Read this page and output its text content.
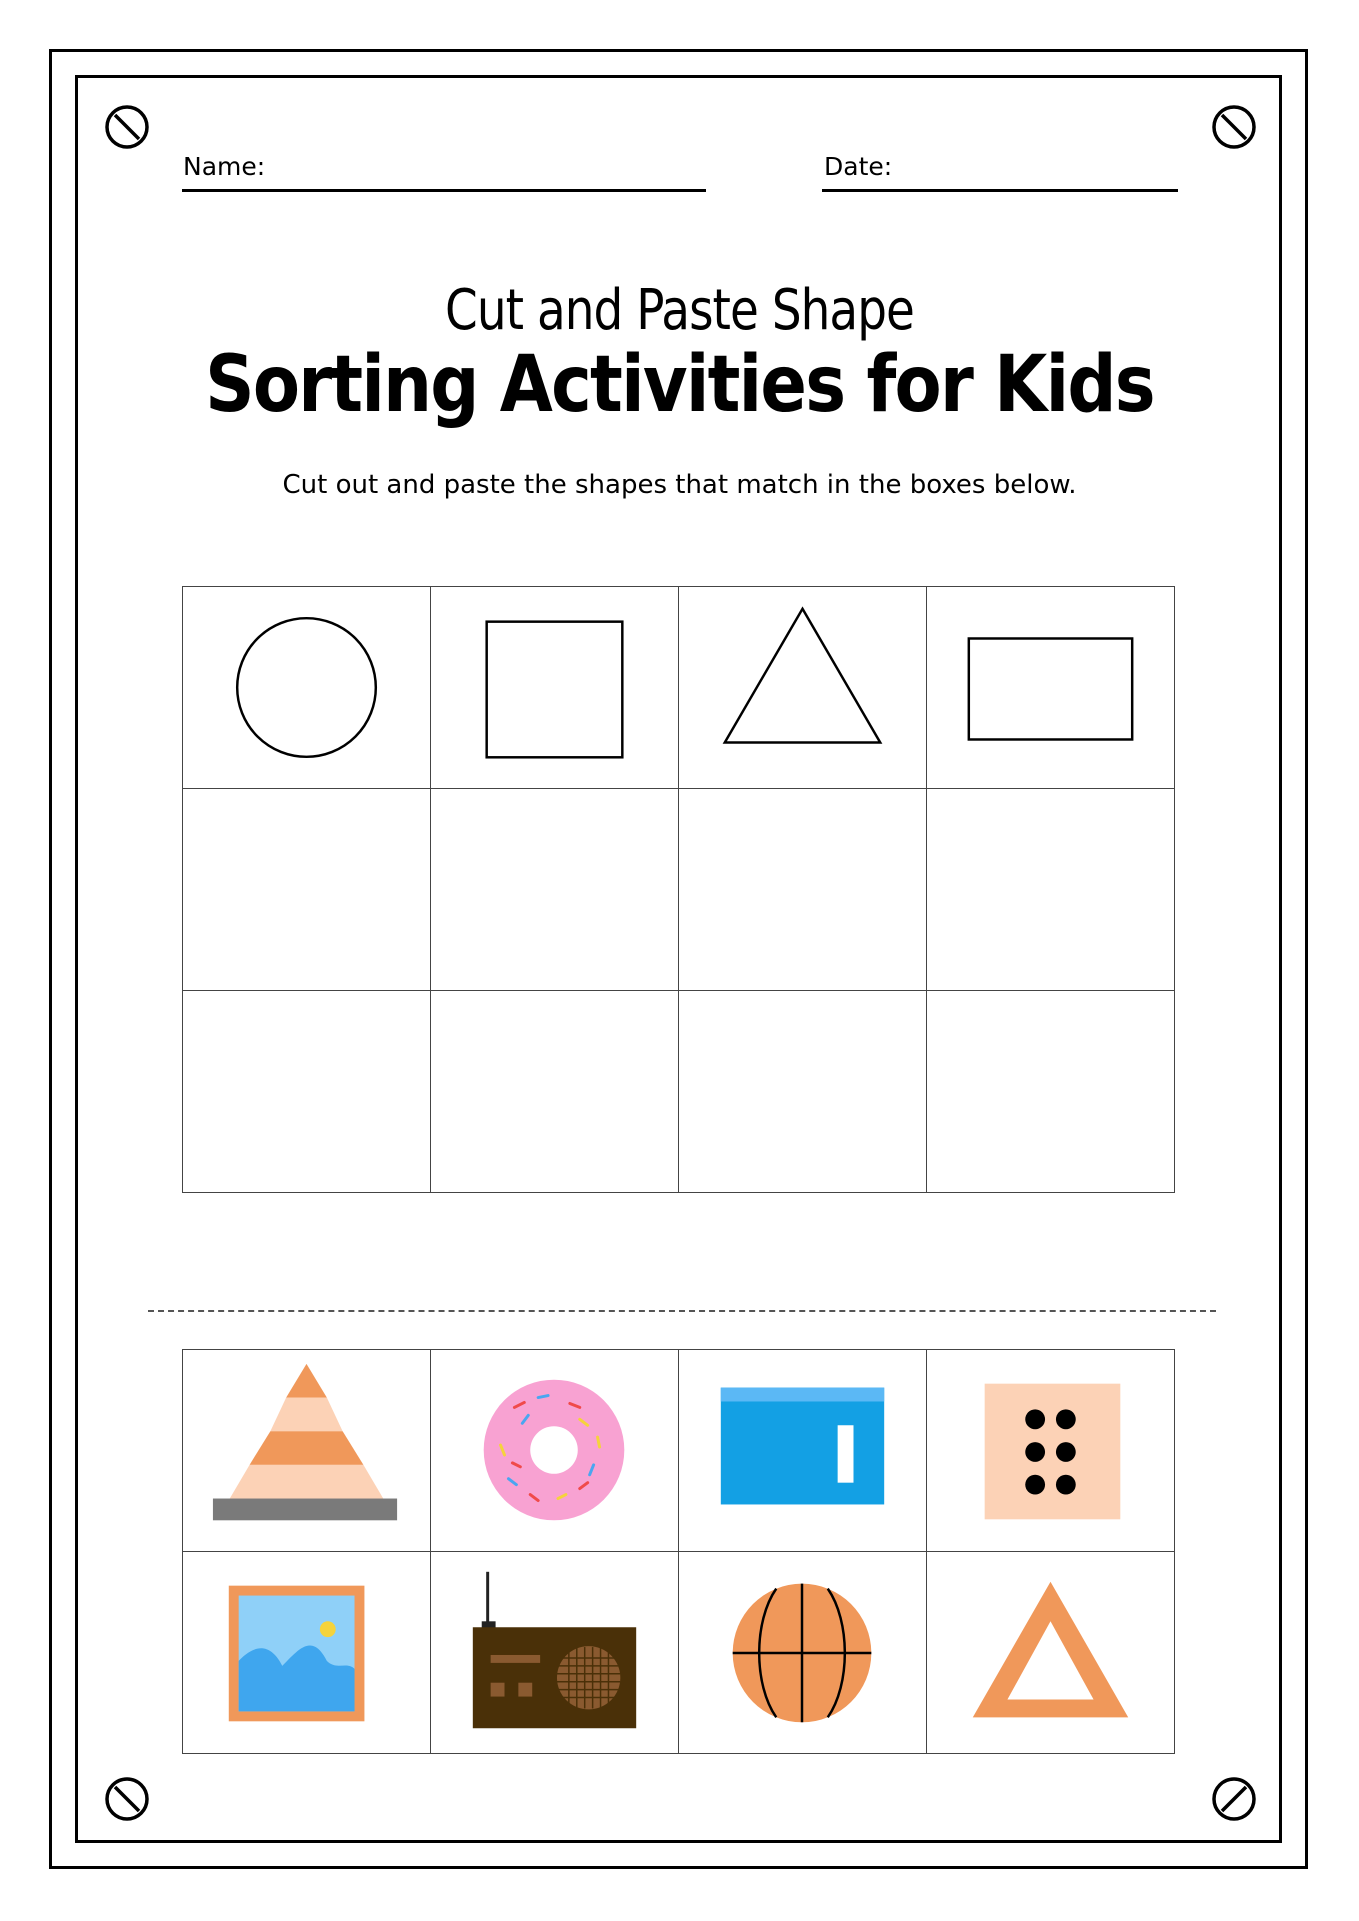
Name:	Date:
Cut and Paste Shape
Sorting Activities for Kids
Cut out and paste the shapes that match in the boxes below.
